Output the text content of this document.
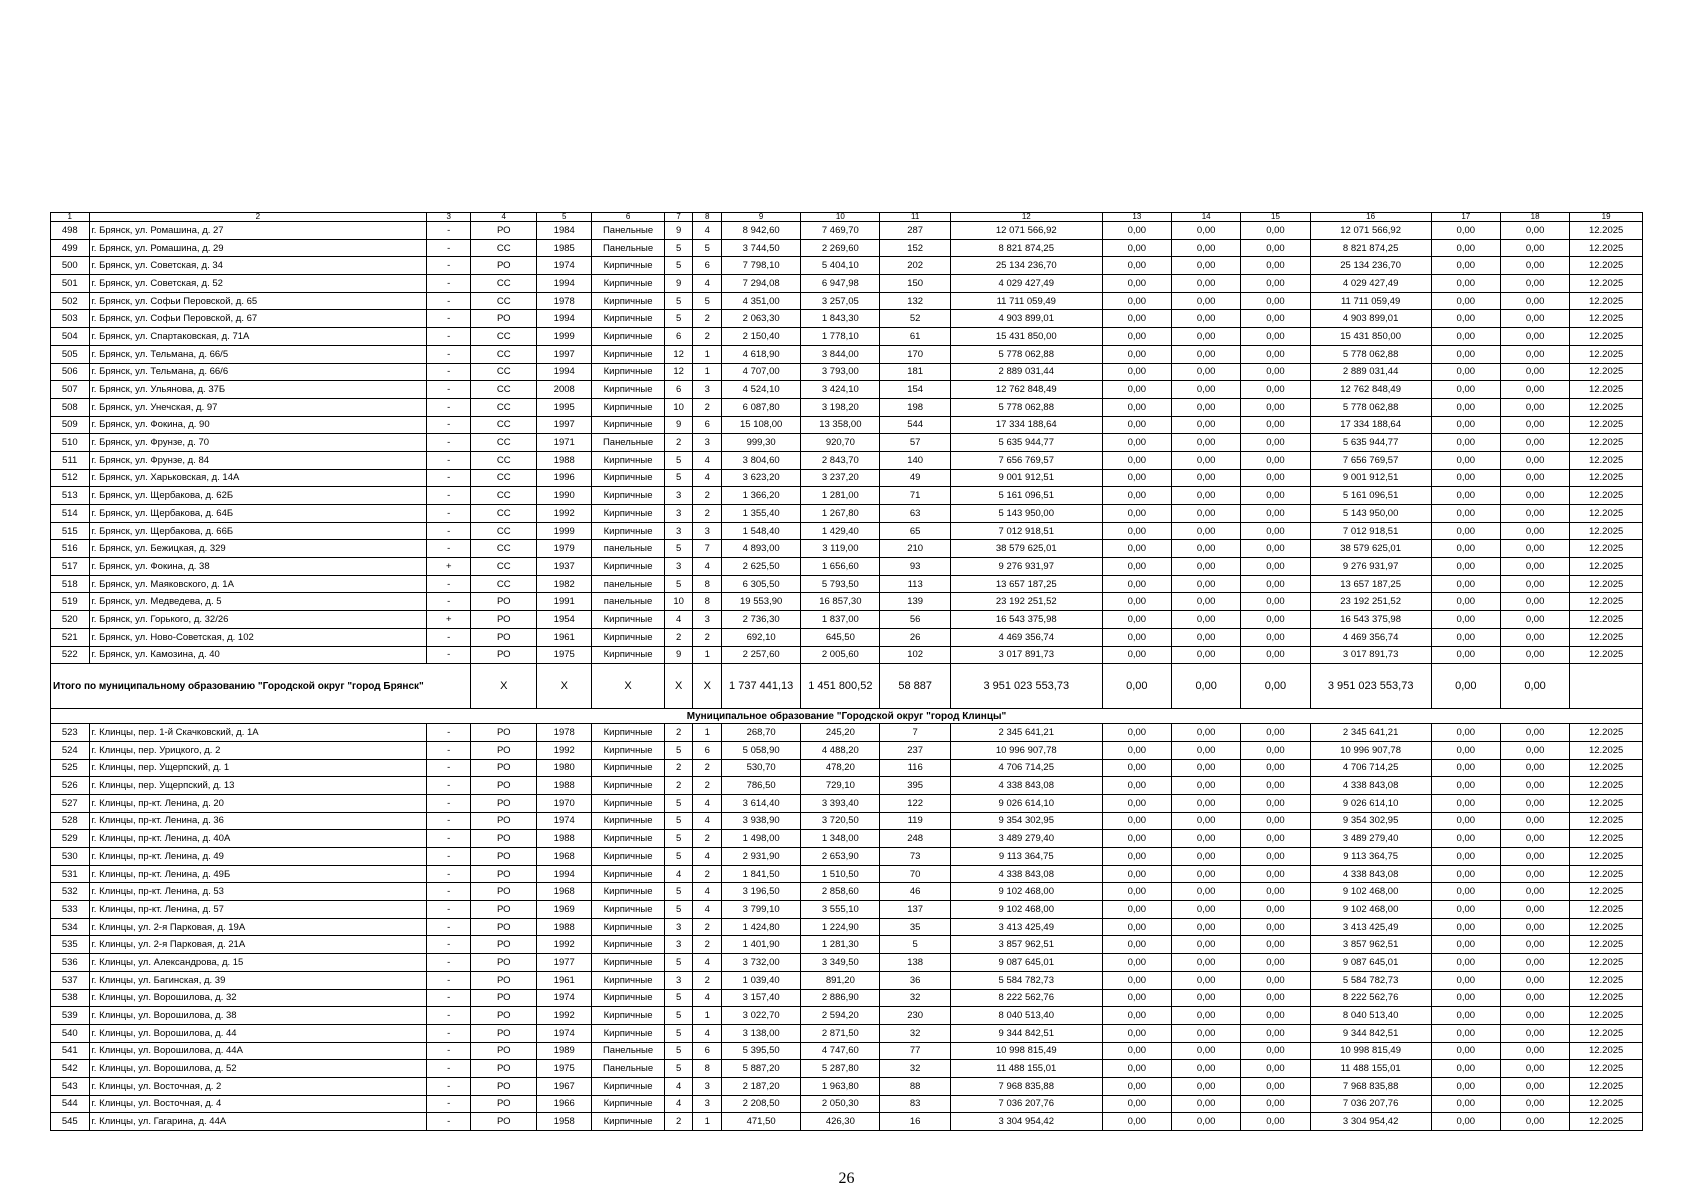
1	2	3	4	5	6	7	8	9	10	11	12	13	14	15	16	17	18	19
498	г. Брянск, ул. Ромашина, д. 27	-	РО	1984	Панельные	9	4	8 942,60	7 469,70	287	12 071 566,92	0,00	0,00	0,00	12 071 566,92	0,00	0,00	12.2025
499	г. Брянск, ул. Ромашина, д. 29	-	СС	1985	Панельные	5	5	3 744,50	2 269,60	152	8 821 874,25	0,00	0,00	0,00	8 821 874,25	0,00	0,00	12.2025
500	г. Брянск, ул. Советская, д. 34	-	РО	1974	Кирпичные	5	6	7 798,10	5 404,10	202	25 134 236,70	0,00	0,00	0,00	25 134 236,70	0,00	0,00	12.2025
501	г. Брянск, ул. Советская, д. 52	-	СС	1994	Кирпичные	9	4	7 294,08	6 947,98	150	4 029 427,49	0,00	0,00	0,00	4 029 427,49	0,00	0,00	12.2025
502	г. Брянск, ул. Софьи Перовской, д. 65	-	СС	1978	Кирпичные	5	5	4 351,00	3 257,05	132	11 711 059,49	0,00	0,00	0,00	11 711 059,49	0,00	0,00	12.2025
503	г. Брянск, ул. Софьи Перовской, д. 67	-	РО	1994	Кирпичные	5	2	2 063,30	1 843,30	52	4 903 899,01	0,00	0,00	0,00	4 903 899,01	0,00	0,00	12.2025
504	г. Брянск, ул. Спартаковская, д. 71А	-	СС	1999	Кирпичные	6	2	2 150,40	1 778,10	61	15 431 850,00	0,00	0,00	0,00	15 431 850,00	0,00	0,00	12.2025
505	г. Брянск, ул. Тельмана, д. 66/5	-	СС	1997	Кирпичные	12	1	4 618,90	3 844,00	170	5 778 062,88	0,00	0,00	0,00	5 778 062,88	0,00	0,00	12.2025
506	г. Брянск, ул. Тельмана, д. 66/6	-	СС	1994	Кирпичные	12	1	4 707,00	3 793,00	181	2 889 031,44	0,00	0,00	0,00	2 889 031,44	0,00	0,00	12.2025
507	г. Брянск, ул. Ульянова, д. 37Б	-	СС	2008	Кирпичные	6	3	4 524,10	3 424,10	154	12 762 848,49	0,00	0,00	0,00	12 762 848,49	0,00	0,00	12.2025
508	г. Брянск, ул. Унечская, д. 97	-	СС	1995	Кирпичные	10	2	6 087,80	3 198,20	198	5 778 062,88	0,00	0,00	0,00	5 778 062,88	0,00	0,00	12.2025
509	г. Брянск, ул. Фокина, д. 90	-	СС	1997	Кирпичные	9	6	15 108,00	13 358,00	544	17 334 188,64	0,00	0,00	0,00	17 334 188,64	0,00	0,00	12.2025
510	г. Брянск, ул. Фрунзе, д. 70	-	СС	1971	Панельные	2	3	999,30	920,70	57	5 635 944,77	0,00	0,00	0,00	5 635 944,77	0,00	0,00	12.2025
511	г. Брянск, ул. Фрунзе, д. 84	-	СС	1988	Кирпичные	5	4	3 804,60	2 843,70	140	7 656 769,57	0,00	0,00	0,00	7 656 769,57	0,00	0,00	12.2025
512	г. Брянск, ул. Харьковская, д. 14А	-	СС	1996	Кирпичные	5	4	3 623,20	3 237,20	49	9 001 912,51	0,00	0,00	0,00	9 001 912,51	0,00	0,00	12.2025
513	г. Брянск, ул. Щербакова, д. 62Б	-	СС	1990	Кирпичные	3	2	1 366,20	1 281,00	71	5 161 096,51	0,00	0,00	0,00	5 161 096,51	0,00	0,00	12.2025
514	г. Брянск, ул. Щербакова, д. 64Б	-	СС	1992	Кирпичные	3	2	1 355,40	1 267,80	63	5 143 950,00	0,00	0,00	0,00	5 143 950,00	0,00	0,00	12.2025
515	г. Брянск, ул. Щербакова, д. 66Б	-	СС	1999	Кирпичные	3	3	1 548,40	1 429,40	65	7 012 918,51	0,00	0,00	0,00	7 012 918,51	0,00	0,00	12.2025
516	г. Брянск, ул. Бежицкая, д. 329	-	СС	1979	панельные	5	7	4 893,00	3 119,00	210	38 579 625,01	0,00	0,00	0,00	38 579 625,01	0,00	0,00	12.2025
517	г. Брянск, ул. Фокина, д. 38	+	СС	1937	Кирпичные	3	4	2 625,50	1 656,60	93	9 276 931,97	0,00	0,00	0,00	9 276 931,97	0,00	0,00	12.2025
518	г. Брянск, ул. Маяковского, д. 1А	-	СС	1982	панельные	5	8	6 305,50	5 793,50	113	13 657 187,25	0,00	0,00	0,00	13 657 187,25	0,00	0,00	12.2025
519	г. Брянск, ул. Медведева, д. 5	-	РО	1991	панельные	10	8	19 553,90	16 857,30	139	23 192 251,52	0,00	0,00	0,00	23 192 251,52	0,00	0,00	12.2025
520	г. Брянск, ул. Горького, д. 32/26	+	РО	1954	Кирпичные	4	3	2 736,30	1 837,00	56	16 543 375,98	0,00	0,00	0,00	16 543 375,98	0,00	0,00	12.2025
521	г. Брянск, ул. Ново-Советская, д. 102	-	РО	1961	Кирпичные	2	2	692,10	645,50	26	4 469 356,74	0,00	0,00	0,00	4 469 356,74	0,00	0,00	12.2025
522	г. Брянск, ул. Камозина, д. 40	-	РО	1975	Кирпичные	9	1	2 257,60	2 005,60	102	3 017 891,73	0,00	0,00	0,00	3 017 891,73	0,00	0,00	12.2025
Итого по муниципальному образованию "Городской округ "город Брянск"			X	X	X	X	X	1 737 441,13	1 451 800,52	58 887	3 951 023 553,73	0,00	0,00	0,00	3 951 023 553,73	0,00	0,00	
Муниципальное образование "Городской округ "город Клинцы"																		
523	г. Клинцы, пер. 1-й Скачковский, д. 1А	-	РО	1978	Кирпичные	2	1	268,70	245,20	7	2 345 641,21	0,00	0,00	0,00	2 345 641,21	0,00	0,00	12.2025
524	г. Клинцы, пер. Урицкого, д. 2	-	РО	1992	Кирпичные	5	6	5 058,90	4 488,20	237	10 996 907,78	0,00	0,00	0,00	10 996 907,78	0,00	0,00	12.2025
525	г. Клинцы, пер. Ущерпский, д. 1	-	РО	1980	Кирпичные	2	2	530,70	478,20	116	4 706 714,25	0,00	0,00	0,00	4 706 714,25	0,00	0,00	12.2025
526	г. Клинцы, пер. Ущерпский, д. 13	-	РО	1988	Кирпичные	2	2	786,50	729,10	395	4 338 843,08	0,00	0,00	0,00	4 338 843,08	0,00	0,00	12.2025
527	г. Клинцы, пр-кт. Ленина, д. 20	-	РО	1970	Кирпичные	5	4	3 614,40	3 393,40	122	9 026 614,10	0,00	0,00	0,00	9 026 614,10	0,00	0,00	12.2025
528	г. Клинцы, пр-кт. Ленина, д. 36	-	РО	1974	Кирпичные	5	4	3 938,90	3 720,50	119	9 354 302,95	0,00	0,00	0,00	9 354 302,95	0,00	0,00	12.2025
529	г. Клинцы, пр-кт. Ленина, д. 40А	-	РО	1988	Кирпичные	5	2	1 498,00	1 348,00	248	3 489 279,40	0,00	0,00	0,00	3 489 279,40	0,00	0,00	12.2025
530	г. Клинцы, пр-кт. Ленина, д. 49	-	РО	1968	Кирпичные	5	4	2 931,90	2 653,90	73	9 113 364,75	0,00	0,00	0,00	9 113 364,75	0,00	0,00	12.2025
531	г. Клинцы, пр-кт. Ленина, д. 49Б	-	РО	1994	Кирпичные	4	2	1 841,50	1 510,50	70	4 338 843,08	0,00	0,00	0,00	4 338 843,08	0,00	0,00	12.2025
532	г. Клинцы, пр-кт. Ленина, д. 53	-	РО	1968	Кирпичные	5	4	3 196,50	2 858,60	46	9 102 468,00	0,00	0,00	0,00	9 102 468,00	0,00	0,00	12.2025
533	г. Клинцы, пр-кт. Ленина, д. 57	-	РО	1969	Кирпичные	5	4	3 799,10	3 555,10	137	9 102 468,00	0,00	0,00	0,00	9 102 468,00	0,00	0,00	12.2025
534	г. Клинцы, ул. 2-я Парковая, д. 19А	-	РО	1988	Кирпичные	3	2	1 424,80	1 224,90	35	3 413 425,49	0,00	0,00	0,00	3 413 425,49	0,00	0,00	12.2025
535	г. Клинцы, ул. 2-я Парковая, д. 21А	-	РО	1992	Кирпичные	3	2	1 401,90	1 281,30	5	3 857 962,51	0,00	0,00	0,00	3 857 962,51	0,00	0,00	12.2025
536	г. Клинцы, ул. Александрова, д. 15	-	РО	1977	Кирпичные	5	4	3 732,00	3 349,50	138	9 087 645,01	0,00	0,00	0,00	9 087 645,01	0,00	0,00	12.2025
537	г. Клинцы, ул. Багинская, д. 39	-	РО	1961	Кирпичные	3	2	1 039,40	891,20	36	5 584 782,73	0,00	0,00	0,00	5 584 782,73	0,00	0,00	12.2025
538	г. Клинцы, ул. Ворошилова, д. 32	-	РО	1974	Кирпичные	5	4	3 157,40	2 886,90	32	8 222 562,76	0,00	0,00	0,00	8 222 562,76	0,00	0,00	12.2025
539	г. Клинцы, ул. Ворошилова, д. 38	-	РО	1992	Кирпичные	5	1	3 022,70	2 594,20	230	8 040 513,40	0,00	0,00	0,00	8 040 513,40	0,00	0,00	12.2025
540	г. Клинцы, ул. Ворошилова, д. 44	-	РО	1974	Кирпичные	5	4	3 138,00	2 871,50	32	9 344 842,51	0,00	0,00	0,00	9 344 842,51	0,00	0,00	12.2025
541	г. Клинцы, ул. Ворошилова, д. 44А	-	РО	1989	Панельные	5	6	5 395,50	4 747,60	77	10 998 815,49	0,00	0,00	0,00	10 998 815,49	0,00	0,00	12.2025
542	г. Клинцы, ул. Ворошилова, д. 52	-	РО	1975	Панельные	5	8	5 887,20	5 287,80	32	11 488 155,01	0,00	0,00	0,00	11 488 155,01	0,00	0,00	12.2025
543	г. Клинцы, ул. Восточная, д. 2	-	РО	1967	Кирпичные	4	3	2 187,20	1 963,80	88	7 968 835,88	0,00	0,00	0,00	7 968 835,88	0,00	0,00	12.2025
544	г. Клинцы, ул. Восточная, д. 4	-	РО	1966	Кирпичные	4	3	2 208,50	2 050,30	83	7 036 207,76	0,00	0,00	0,00	7 036 207,76	0,00	0,00	12.2025
545	г. Клинцы, ул. Гагарина, д. 44А	-	РО	1958	Кирпичные	2	1	471,50	426,30	16	3 304 954,42	0,00	0,00	0,00	3 304 954,42	0,00	0,00	12.2025
26
